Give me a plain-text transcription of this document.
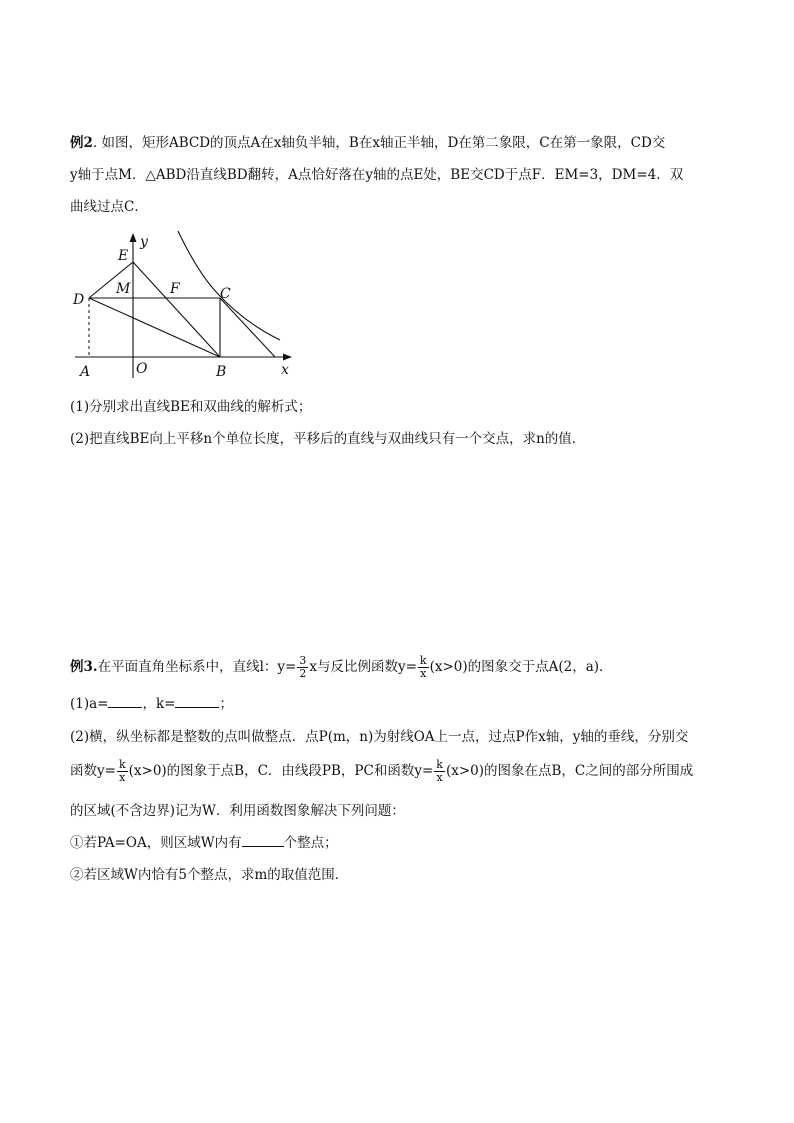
例2. 如图，矩形ABCD的顶点A在x轴负半轴，B在x轴正半轴，D在第二象限，C在第一象限，CD交
y轴于点M．△ABD沿直线BD翻转，A点恰好落在y轴的点E处，BE交CD于点F．EM=3，DM=4．双
曲线过点C．
E
y
M	F	C
D
A	O	B	x
(1)分别求出直线BE和双曲线的解析式；
(2)把直线BE向上平移n个单位长度，平移后的直线与双曲线只有一个交点，求n的值．
例3.在平面直角坐标系中，直线l：$y= \frac{3}{2}$ x与反比例函数$y= \frac{k}{x} (x>0)$的图象交于点A(2，a)．
(1)a=	，k=	；
(2)横，纵坐标都是整数的点叫做整点．点P(m，n)为射线OA上一点，过点P作x轴，y轴的垂线，分别交
函数$y= \frac{k}{x} (x>0)$的图象于点B，C．由线段PB，PC和函数$y= \frac{k}{x} (x>0)$的图象在点B，C之间的部分所围成
的区域(不含边界)记为W．利用函数图象解决下列问题：
①若PA=OA，则区域W内有	个整点；
②若区域W内恰有5个整点，求m的取值范围．
